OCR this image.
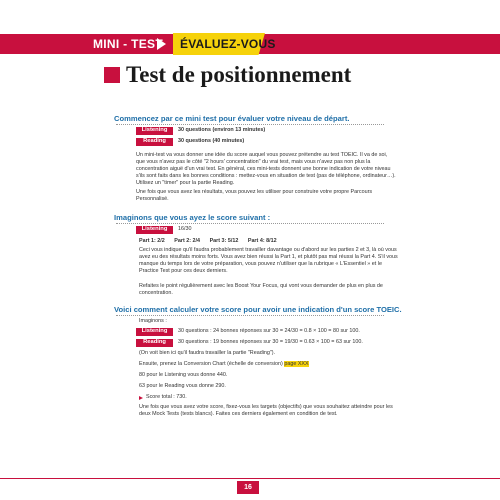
MINI - TEST ÉVALUEZ-VOUS
Test de positionnement
Commencez par ce mini test pour évaluer votre niveau de départ.
Listening	30 questions (environ 13 minutes)
Reading	30 questions (40 minutes)
Un mini-test va vous donner une idée du score auquel vous pouvez prétendre au test TOEIC. Il va de soi, que vous n'avez pas le côté "2 hours' concentration" du vrai test, mais vous n'avez pas non plus la concentration aiguë d'un vrai test. En général, ces mini-tests donnent une bonne indication de votre niveau s'ils sont faits dans les bonnes conditions : mettez-vous en situation de test (pas de téléphone, ordinateur…). Utilisez un "timer" pour la partie Reading.
Une fois que vous avez les résultats, vous pouvez les utiliser pour construire votre propre Parcours Personnalisé.
Imaginons que vous ayez le score suivant :
Listening	16/30
Part 1: 2/2 Part 2: 2/4 Part 3: 5/12 Part 4: 8/12
Ceci vous indique qu'il faudra probablement travailler davantage ou d'abord sur les parties 2 et 3, là où vous avez eu des résultats moins forts. Vous avez bien réussi la Part 1, et plutôt pas mal réussi la Part 4. S'il vous manque du temps lors de votre préparation, vous pouvez n'utiliser que la rubrique « L'Essentiel » et le Practice Test pour ces deux derniers.
Refaites le point régulièrement avec les Boost Your Focus, qui vont vous demander de plus en plus de concentration.
Voici comment calculer votre score pour avoir une indication d'un score TOEIC.
Imaginons :
Listening	30 questions : 24 bonnes réponses sur 30 = 24/30 = 0.8 × 100 = 80 sur 100.
Reading	30 questions : 19 bonnes réponses sur 30 = 19/30 = 0.63 × 100 = 63 sur 100.
(On voit bien ici qu'il faudra travailler la partie "Reading").
Ensuite, prenez la Conversion Chart (échelle de conversion) page XXX
80 pour le Listening vous donne 440.
63 pour le Reading vous donne 290.
Score total : 730.
Une fois que vous avez votre score, fixez-vous les targets (objectifs) que vous souhaitez atteindre pour les deux Mock Tests (tests blancs). Faites ces derniers également en condition de test.
16
